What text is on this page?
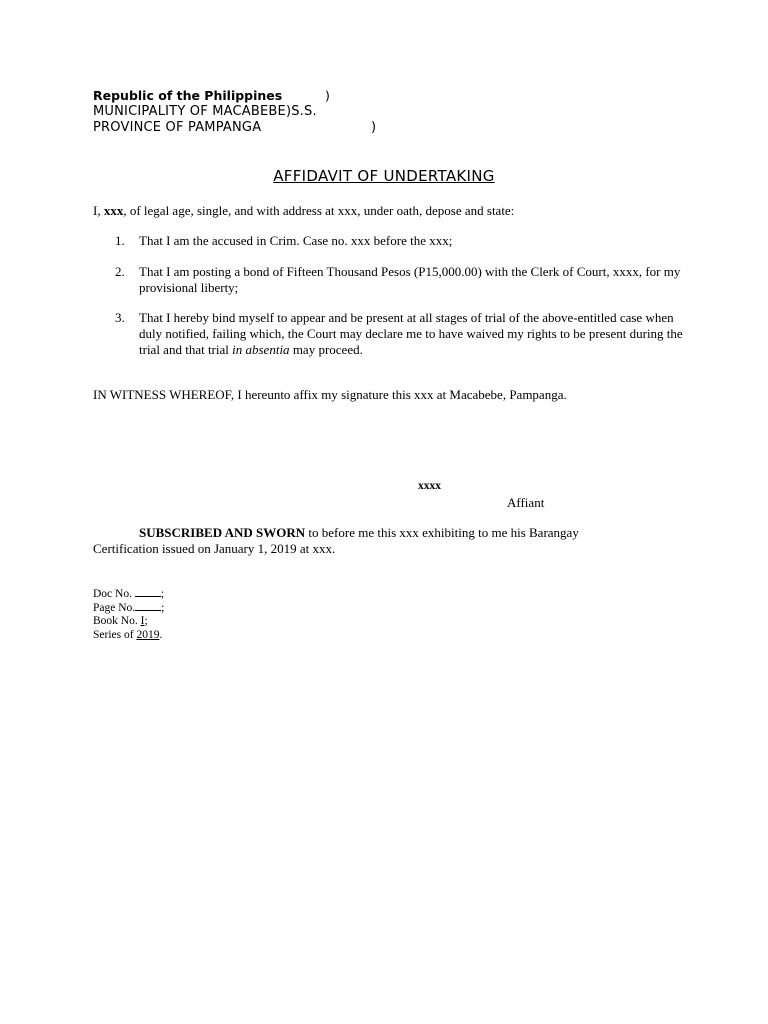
Republic of the Philippines	)
MUNICIPALITY OF MACABEBE)S.S.
PROVINCE OF PAMPANGA	)
AFFIDAVIT OF UNDERTAKING
I, xxx, of legal age, single, and with address at xxx, under oath, depose and state:
1. That I am the accused in Crim. Case no. xxx before the xxx;
2. That I am posting a bond of Fifteen Thousand Pesos (P15,000.00) with the Clerk of Court, xxxx, for my provisional liberty;
3. That I hereby bind myself to appear and be present at all stages of trial of the above-entitled case when duly notified, failing which, the Court may declare me to have waived my rights to be present during the trial and that trial in absentia may proceed.
IN WITNESS WHEREOF, I hereunto affix my signature this xxx at Macabebe, Pampanga.
xxxx
Affiant
SUBSCRIBED AND SWORN to before me this xxx exhibiting to me his Barangay
Certification issued on January 1, 2019 at xxx.
Doc No. ;
Page No. ;
Book No. I;
Series of 2019.
